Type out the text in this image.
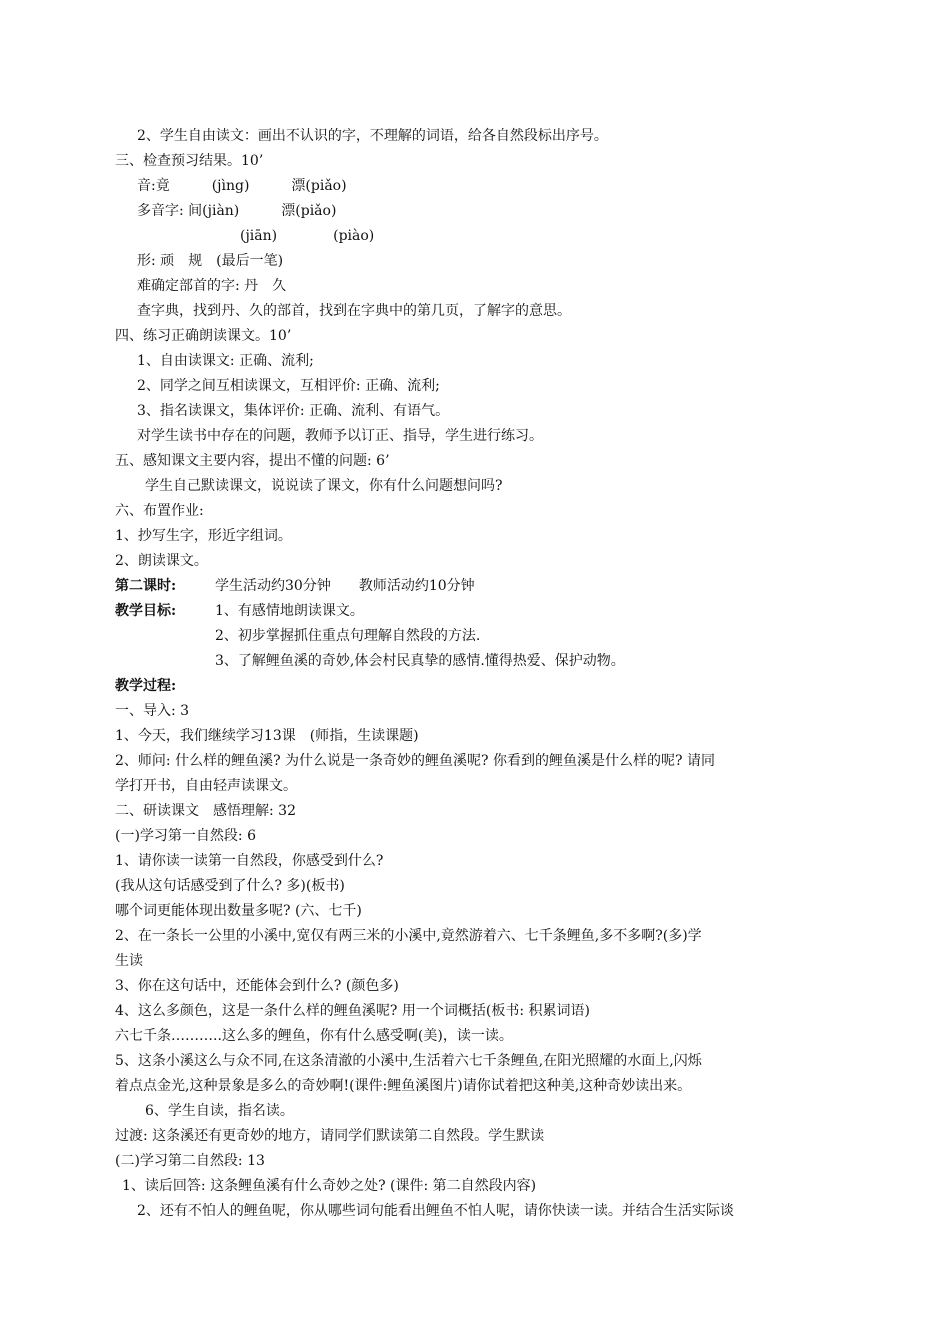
2、学生自由读文：画出不认识的字，不理解的词语，给各自然段标出序号。
三、检查预习结果。10’
音:竟　　　(jìng)　　　漂(piǎo)
多音字: 间(jiàn)　　　漂(piǎo)
(jiān)　　　　(piào)
形: 顽　规　(最后一笔)
难确定部首的字: 丹　久
查字典，找到丹、久的部首，找到在字典中的第几页，了解字的意思。
四、练习正确朗读课文。10’
1、自由读课文: 正确、流利;
2、同学之间互相读课文，互相评价: 正确、流利;
3、指名读课文，集体评价: 正确、流利、有语气。
对学生读书中存在的问题，教师予以订正、指导，学生进行练习。
五、感知课文主要内容，提出不懂的问题: 6’
学生自己默读课文，说说读了课文，你有什么问题想问吗?
六、布置作业:
1、抄写生字，形近字组词。
2、朗读课文。
第二课时:	学生活动约30分钟　　教师活动约10分钟
教学目标:	1、有感情地朗读课文。
2、初步掌握抓住重点句理解自然段的方法.
3、了解鲤鱼溪的奇妙,体会村民真挚的感情.懂得热爱、保护动物。
教学过程:
一、导入: 3
1、今天，我们继续学习13课　(师指，生读课题)
2、师问: 什么样的鲤鱼溪? 为什么说是一条奇妙的鲤鱼溪呢? 你看到的鲤鱼溪是什么样的呢? 请同
学打开书，自由轻声读课文。
二、研读课文　感悟理解: 32
(一)学习第一自然段: 6
1、请你读一读第一自然段，你感受到什么?
(我从这句话感受到了什么? 多)(板书)
哪个词更能体现出数量多呢? (六、七千)
2、在一条长一公里的小溪中,宽仅有两三米的小溪中,竟然游着六、七千条鲤鱼,多不多啊?(多)学
生读
3、你在这句话中，还能体会到什么? (颜色多)
4、这么多颜色，这是一条什么样的鲤鱼溪呢? 用一个词概括(板书: 积累词语)
六七千条………..这么多的鲤鱼，你有什么感受啊(美)，读一读。
5、这条小溪这么与众不同,在这条清澈的小溪中,生活着六七千条鲤鱼,在阳光照耀的水面上,闪烁
着点点金光,这种景象是多么的奇妙啊!(课件:鲤鱼溪图片)请你试着把这种美,这种奇妙读出来。
6、学生自读，指名读。
过渡: 这条溪还有更奇妙的地方，请同学们默读第二自然段。学生默读
(二)学习第二自然段: 13
1、读后回答: 这条鲤鱼溪有什么奇妙之处? (课件: 第二自然段内容)
2、还有不怕人的鲤鱼呢，你从哪些词句能看出鲤鱼不怕人呢，请你快读一读。并结合生活实际谈
